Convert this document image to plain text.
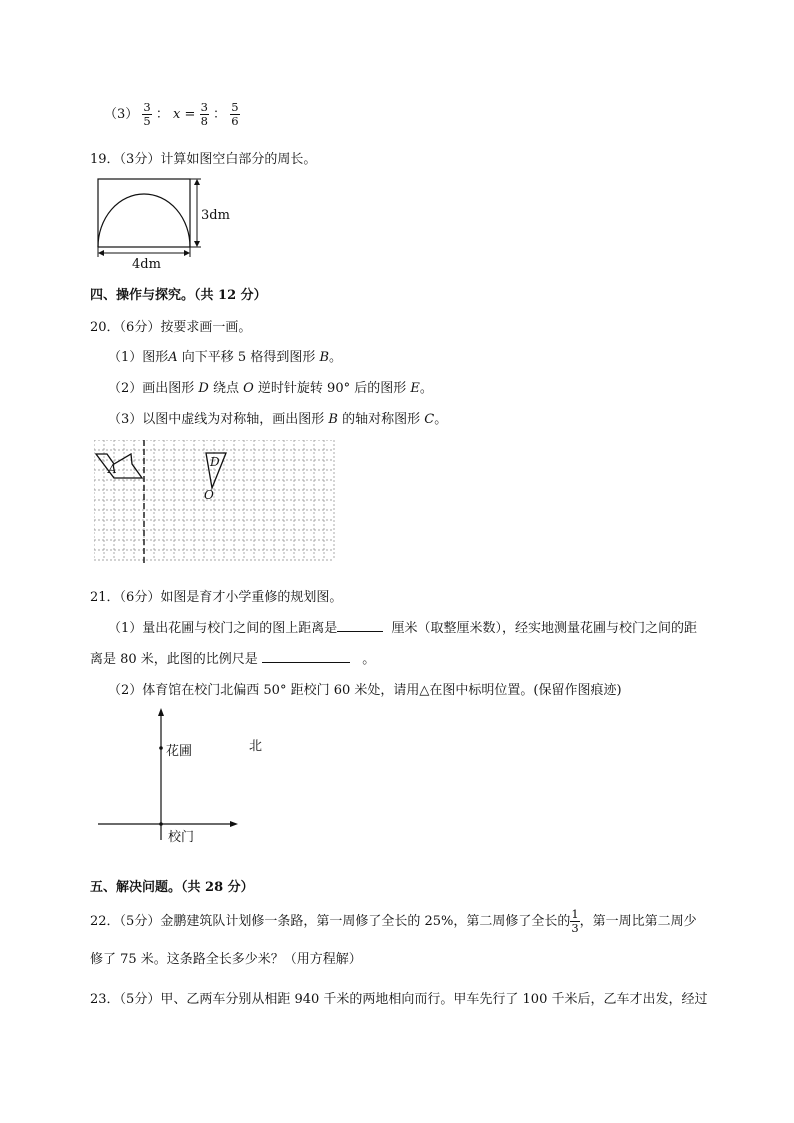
$(3) \frac{3}{5}$ ： $x = \frac{3}{8}$ ： $\frac{5}{6}$
19．（3分）计算如图空白部分的周长。
3dm
4dm
四、操作与探究。（共 12 分）
20．（6分）按要求画一画。
（1）图形A 向下平移 5 格得到图形 B。
（2）画出图形 D 绕点 O 逆时针旋转 90° 后的图形 E。
（3）以图中虚线为对称轴，画出图形 B 的轴对称图形 C。
A	D
O
21．（6分）如图是育才小学重修的规划图。
（1）量出花圃与校门之间的图上距离是	厘米（取整厘米数），经实地测量花圃与校门之间的距
离是 80 米，此图的比例尺是	。
（2）体育馆在校门北偏西 50° 距校门 60 米处，请用△在图中标明位置。(保留作图痕迹)
花圃
校门
北
五、解决问题。（共 28 分）
22．（5分）金鹏建筑队计划修一条路，第一周修了全长的 25%，第二周修了全长的 $\frac{1}{3}$ ，第一周比第二周少
修了 75 米。这条路全长多少米？（用方程解）
23．（5分）甲、乙两车分别从相距 940 千米的两地相向而行。甲车先行了 100 千米后，乙车才出发，经过
